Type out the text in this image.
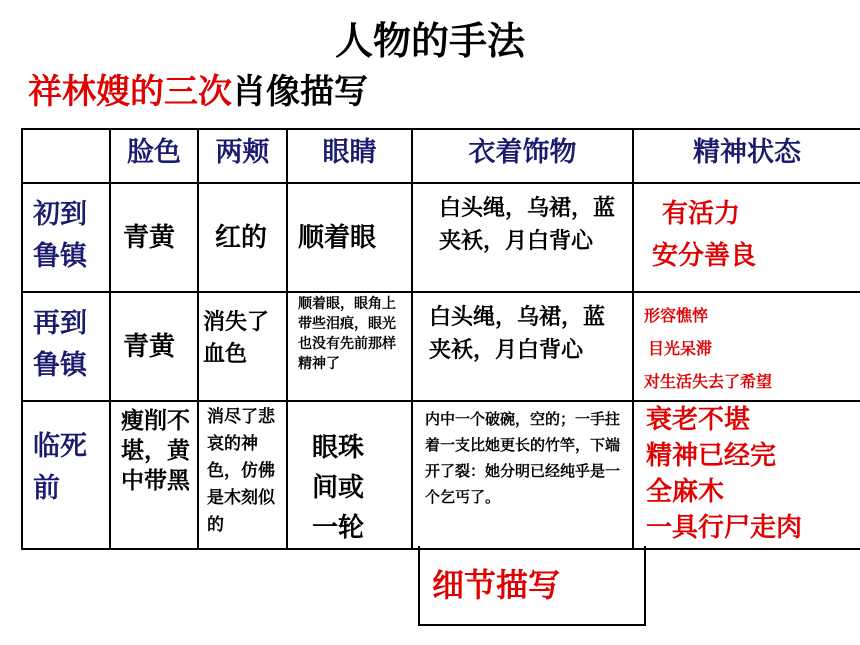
人物的手法
祥林嫂的三次肖像描写
	脸色	两颊	眼睛	衣着饰物	精神状态
初到鲁镇	青黄	红的	顺着眼	白头绳，乌裙，蓝夹袄，月白背心	有活力
安分善良

再到鲁镇	青黄	消失了血色	顺着眼，眼角上带些泪痕，眼光也没有先前那样精神了	白头绳，乌裙，蓝夹袄，月白背心	形容憔悴
目光呆滞
对生活失去了希望

临死前	瘦削不堪，黄中带黑	消尽了悲哀的神色，仿佛是木刻似的	眼珠间或一轮	内中一个破碗，空的；一手拄着一支比她更长的竹竿，下端开了裂：她分明已经纯乎是一个乞丐了。	衰老不堪
精神已经完
全麻木
一具行尸走肉
细节描写
